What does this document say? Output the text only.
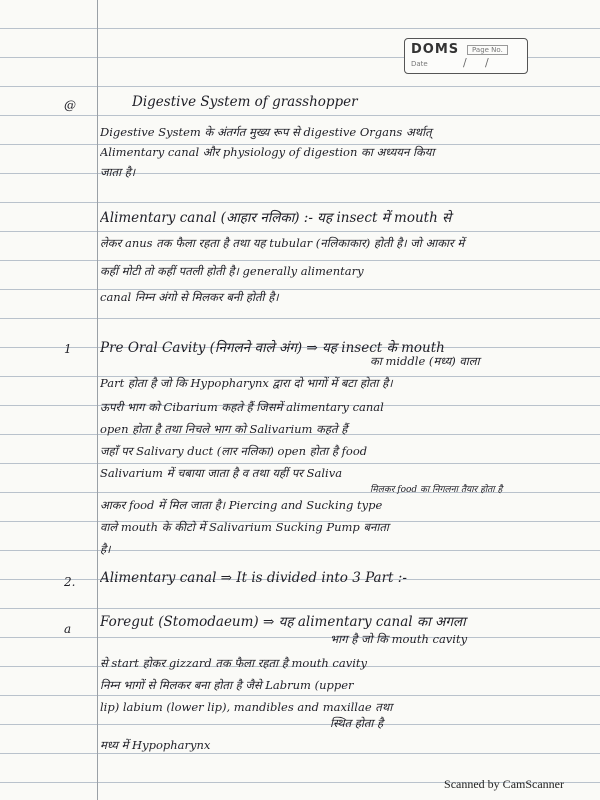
DOMS	Page No.
Date	/ /
@	Digestive System of grasshopper
Digestive System के अंतर्गत मुख्य रूप से digestive Organs अर्थात्
Alimentary canal और physiology of digestion का अध्ययन किया
जाता है।
Alimentary canal (आहार नलिका) :- यह insect में mouth से
लेकर anus तक फैला रहता है तथा यह tubular (नलिकाकार) होती है। जो आकार में
कहीं मोटी तो कहीं पतली होती है। generally alimentary
canal निम्न अंगो से मिलकर बनी होती है।
1	Pre Oral Cavity (निगलने वाले अंग) ⇒ यह insect के mouth
का middle (मध्य) वाला
Part होता है जो कि Hypopharynx द्वारा दो भागों में बटा होता है।
ऊपरी भाग को Cibarium कहते हैं जिसमें alimentary canal
open होता है तथा निचले भाग को Salivarium कहते हैं
जहाँ पर Salivary duct (लार नलिका) open होता है food
Salivarium में चबाया जाता है व तथा यहीं पर Saliva
मिलकर food का निगलना तैयार होता है
आकर food में मिल जाता है। Piercing and Sucking type
वाले mouth के कीटो में Salivarium Sucking Pump बनाता
है।
2.	Alimentary canal ⇒ It is divided into 3 Part :-
a	Foregut (Stomodaeum) ⇒ यह alimentary canal का अगला
भाग है जो कि mouth cavity
से start होकर gizzard तक फैला रहता है mouth cavity
निम्न भागों से मिलकर बना होता है जैसे Labrum (upper
lip) labium (lower lip), mandibles and maxillae तथा
स्थित होता है
मध्य में Hypopharynx
Scanned by CamScanner
